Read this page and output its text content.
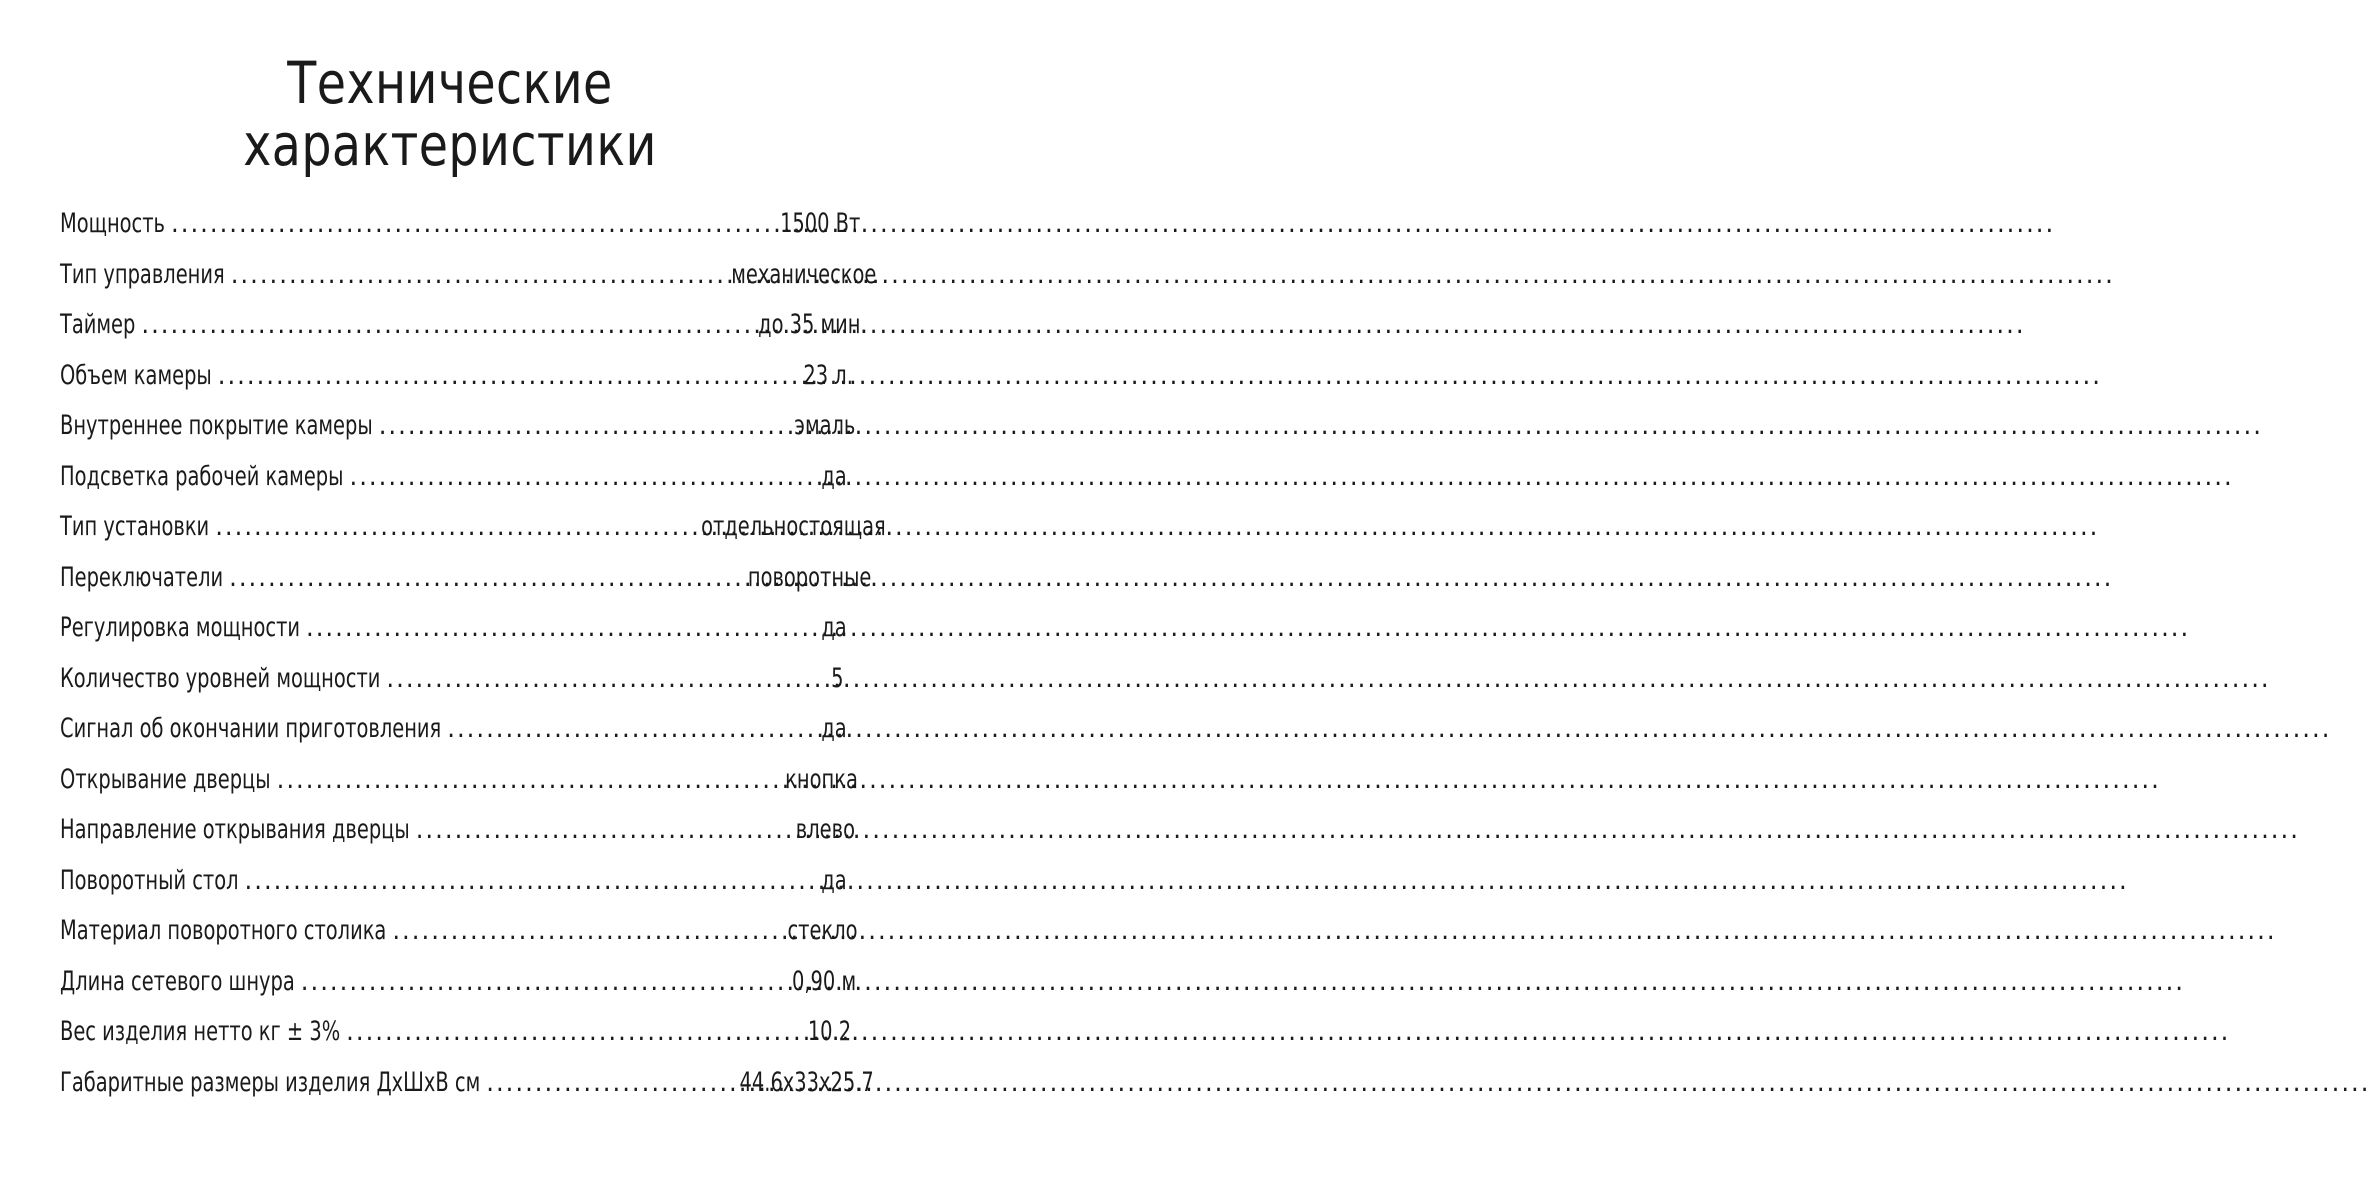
Технические
характеристики
Мощность .....	1500 Вт
Тип управления .....	механическое
Таймер .....	до 35 мин.
Объем камеры .....	23 л.
Внутреннее покрытие камеры .....	эмаль
Подсветка рабочей камеры .....	да
Тип установки .....	отдельностоящая
Переключатели .....	поворотные
Регулировка мощности .....	да
Количество уровней мощности .....	5
Сигнал об окончании приготовления .....	да
Открывание дверцы .....	кнопка
Направление открывания дверцы .....	влево
Поворотный стол .....	да
Материал поворотного столика .....	стекло
Длина сетевого шнура .....	0,90 м
Вес изделия нетто кг ± 3% .....	10.2
Габаритные размеры изделия ДхШхВ см .....	44.6х33х25.7
